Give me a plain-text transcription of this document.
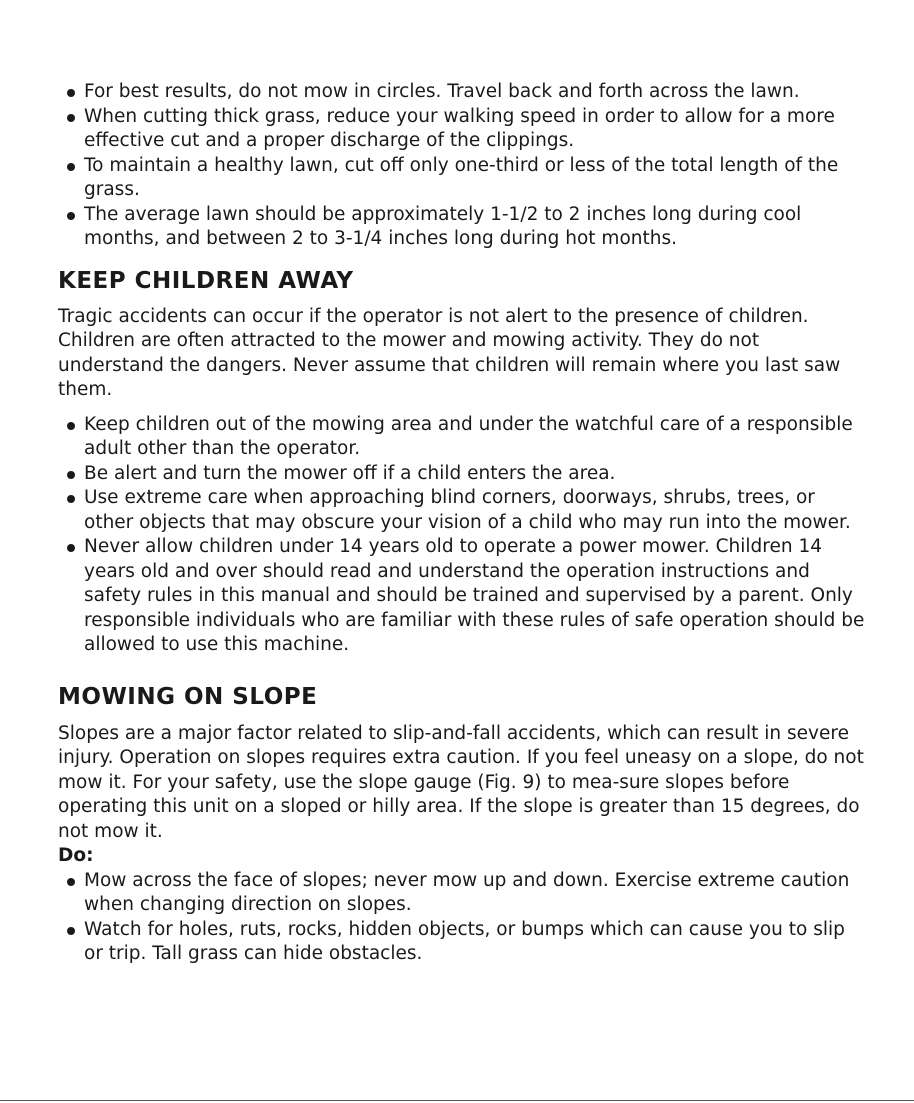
For best results, do not mow in circles. Travel back and forth across the lawn.
When cutting thick grass, reduce your walking speed in order to allow for a more effective cut and a proper discharge of the clippings.
To maintain a healthy lawn, cut off only one-third or less of the total length of the grass.
The average lawn should be approximately 1-1/2 to 2 inches long during cool months, and between 2 to 3-1/4 inches long during hot months.
KEEP CHILDREN AWAY

Tragic accidents can occur if the operator is not alert to the presence of children. Children are often attracted to the mower and mowing activity. They do not understand the dangers. Never assume that children will remain where you last saw them.

Keep children out of the mowing area and under the watchful care of a responsible adult other than the operator.
Be alert and turn the mower off if a child enters the area.
Use extreme care when approaching blind corners, doorways, shrubs, trees, or other objects that may obscure your vision of a child who may run into the mower.
Never allow children under 14 years old to operate a power mower. Children 14 years old and over should read and understand the operation instructions and safety rules in this manual and should be trained and supervised by a parent. Only responsible individuals who are familiar with these rules of safe operation should be allowed to use this machine.
MOWING ON SLOPE

Slopes are a major factor related to slip-and-fall accidents, which can result in severe injury. Operation on slopes requires extra caution. If you feel uneasy on a slope, do not mow it. For your safety, use the slope gauge (Fig. 9) to mea-sure slopes before operating this unit on a sloped or hilly area. If the slope is greater than 15 degrees, do not mow it.

Do:
Mow across the face of slopes; never mow up and down. Exercise extreme caution when changing direction on slopes.
Watch for holes, ruts, rocks, hidden objects, or bumps which can cause you to slip or trip. Tall grass can hide obstacles.
